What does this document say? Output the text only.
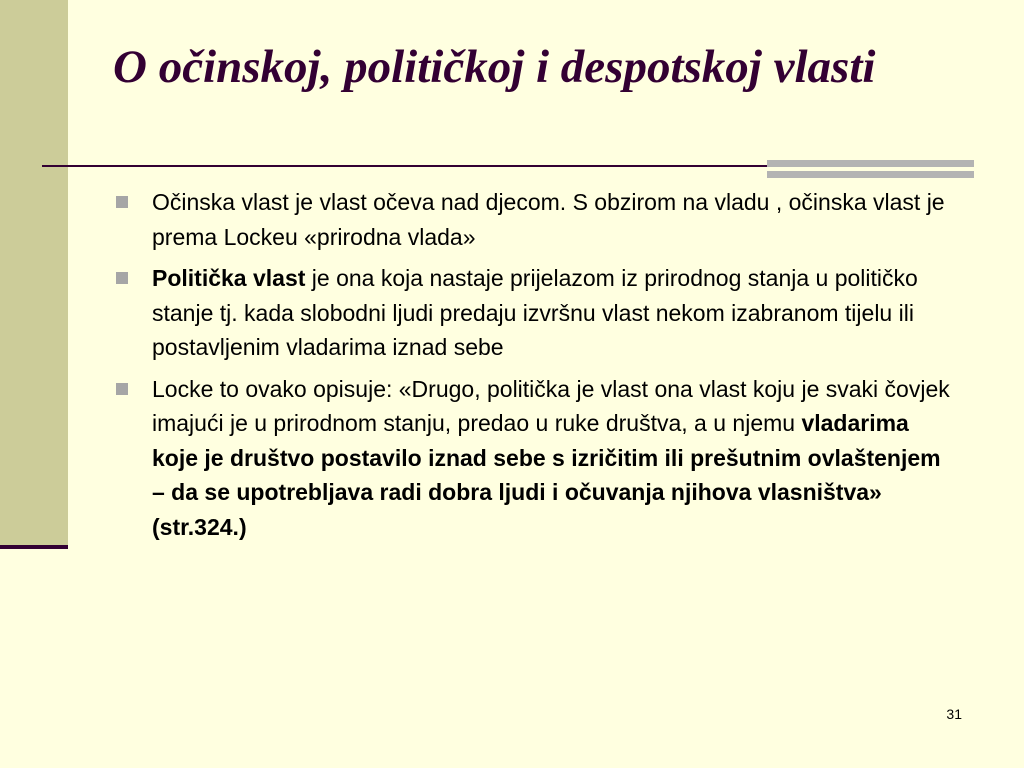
O očinskoj, političkoj i despotskoj vlasti
Očinska vlast je vlast očeva nad djecom. S obzirom na vladu , očinska vlast je prema Lockeu «prirodna vlada»
Politička vlast je ona koja nastaje prijelazom iz prirodnog stanja u političko stanje tj. kada slobodni ljudi predaju izvršnu vlast nekom izabranom tijelu ili postavljenim vladarima iznad sebe
Locke to ovako opisuje: «Drugo, politička je vlast ona vlast koju je svaki čovjek imajući je u prirodnom stanju, predao u ruke društva, a u njemu vladarima koje je društvo postavilo iznad sebe s izričitim ili prešutnim ovlaštenjem – da se upotrebljava radi dobra ljudi i očuvanja njihova vlasništva» (str.324.)
31
